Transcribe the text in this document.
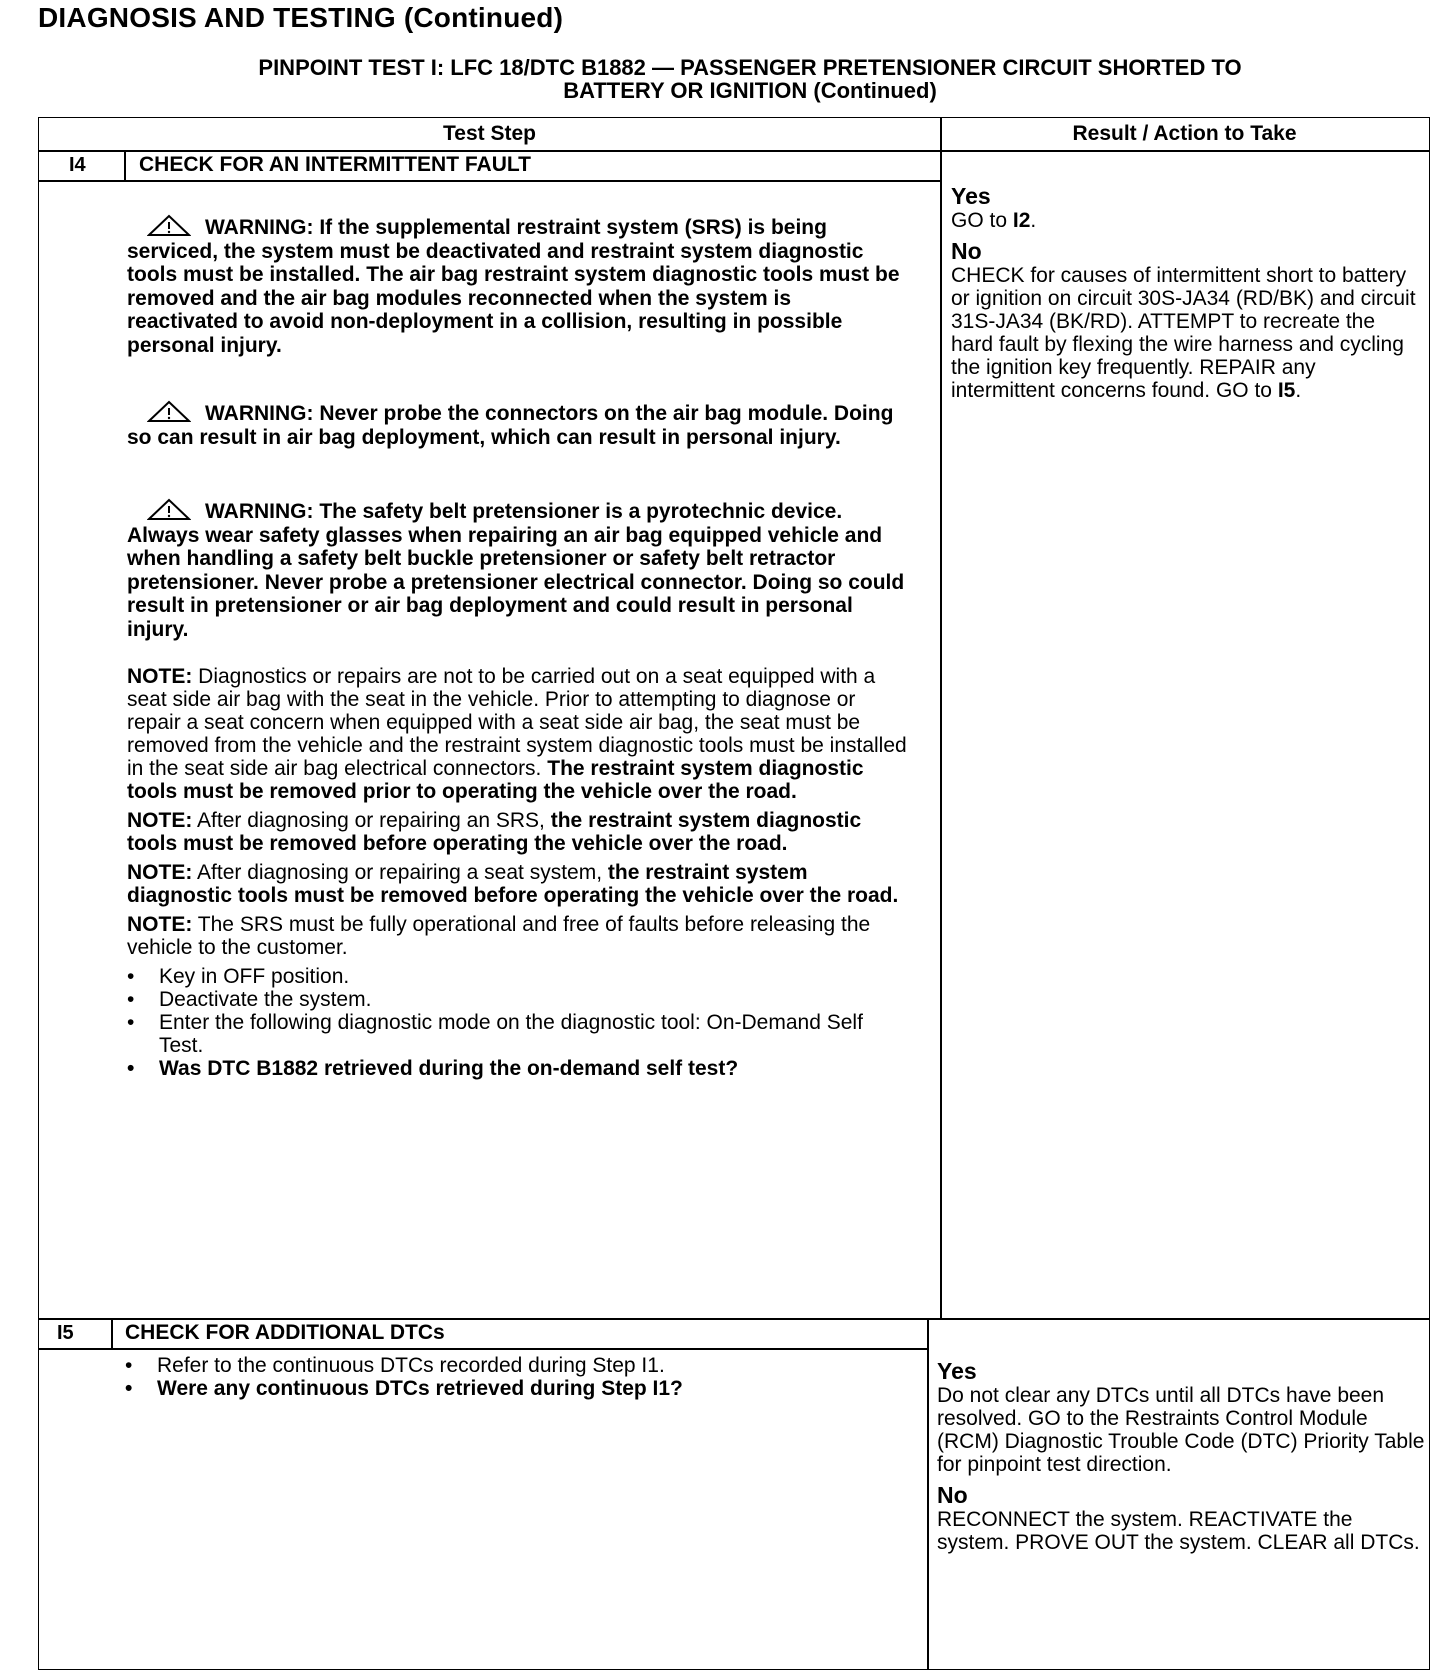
DIAGNOSIS AND TESTING (Continued)
PINPOINT TEST I: LFC 18/DTC B1882 — PASSENGER PRETENSIONER CIRCUIT SHORTED TO
BATTERY OR IGNITION (Continued)
Test Step	Result / Action to Take
I4	CHECK FOR AN INTERMITTENT FAULT
WARNING: If the supplemental restraint system (SRS) is being serviced, the system must be deactivated and restraint system diagnostic tools must be installed. The air bag restraint system diagnostic tools must be removed and the air bag modules reconnected when the system is reactivated to avoid non-deployment in a collision, resulting in possible personal injury.
WARNING: Never probe the connectors on the air bag module. Doing so can result in air bag deployment, which can result in personal injury.
WARNING: The safety belt pretensioner is a pyrotechnic device. Always wear safety glasses when repairing an air bag equipped vehicle and when handling a safety belt buckle pretensioner or safety belt retractor pretensioner. Never probe a pretensioner electrical connector. Doing so could result in pretensioner or air bag deployment and could result in personal injury.

NOTE: Diagnostics or repairs are not to be carried out on a seat equipped with a seat side air bag with the seat in the vehicle. Prior to attempting to diagnose or repair a seat concern when equipped with a seat side air bag, the seat must be removed from the vehicle and the restraint system diagnostic tools must be installed in the seat side air bag electrical connectors. The restraint system diagnostic tools must be removed prior to operating the vehicle over the road.

NOTE: After diagnosing or repairing an SRS, the restraint system diagnostic tools must be removed before operating the vehicle over the road.

NOTE: After diagnosing or repairing a seat system, the restraint system diagnostic tools must be removed before operating the vehicle over the road.

NOTE: The SRS must be fully operational and free of faults before releasing the vehicle to the customer.

• Key in OFF position.
• Deactivate the system.
• Enter the following diagnostic mode on the diagnostic tool: On-Demand Self Test.
• Was DTC B1882 retrieved during the on-demand self test?
Yes
GO to I2.
No
CHECK for causes of intermittent short to battery or ignition on circuit 30S-JA34 (RD/BK) and circuit 31S-JA34 (BK/RD). ATTEMPT to recreate the hard fault by flexing the wire harness and cycling the ignition key frequently. REPAIR any intermittent concerns found. GO to I5.
I5 CHECK FOR ADDITIONAL DTCs
• Refer to the continuous DTCs recorded during Step I1.
• Were any continuous DTCs retrieved during Step I1?
Yes
Do not clear any DTCs until all DTCs have been resolved. GO to the Restraints Control Module (RCM) Diagnostic Trouble Code (DTC) Priority Table for pinpoint test direction.
No
RECONNECT the system. REACTIVATE the system. PROVE OUT the system. CLEAR all DTCs.
